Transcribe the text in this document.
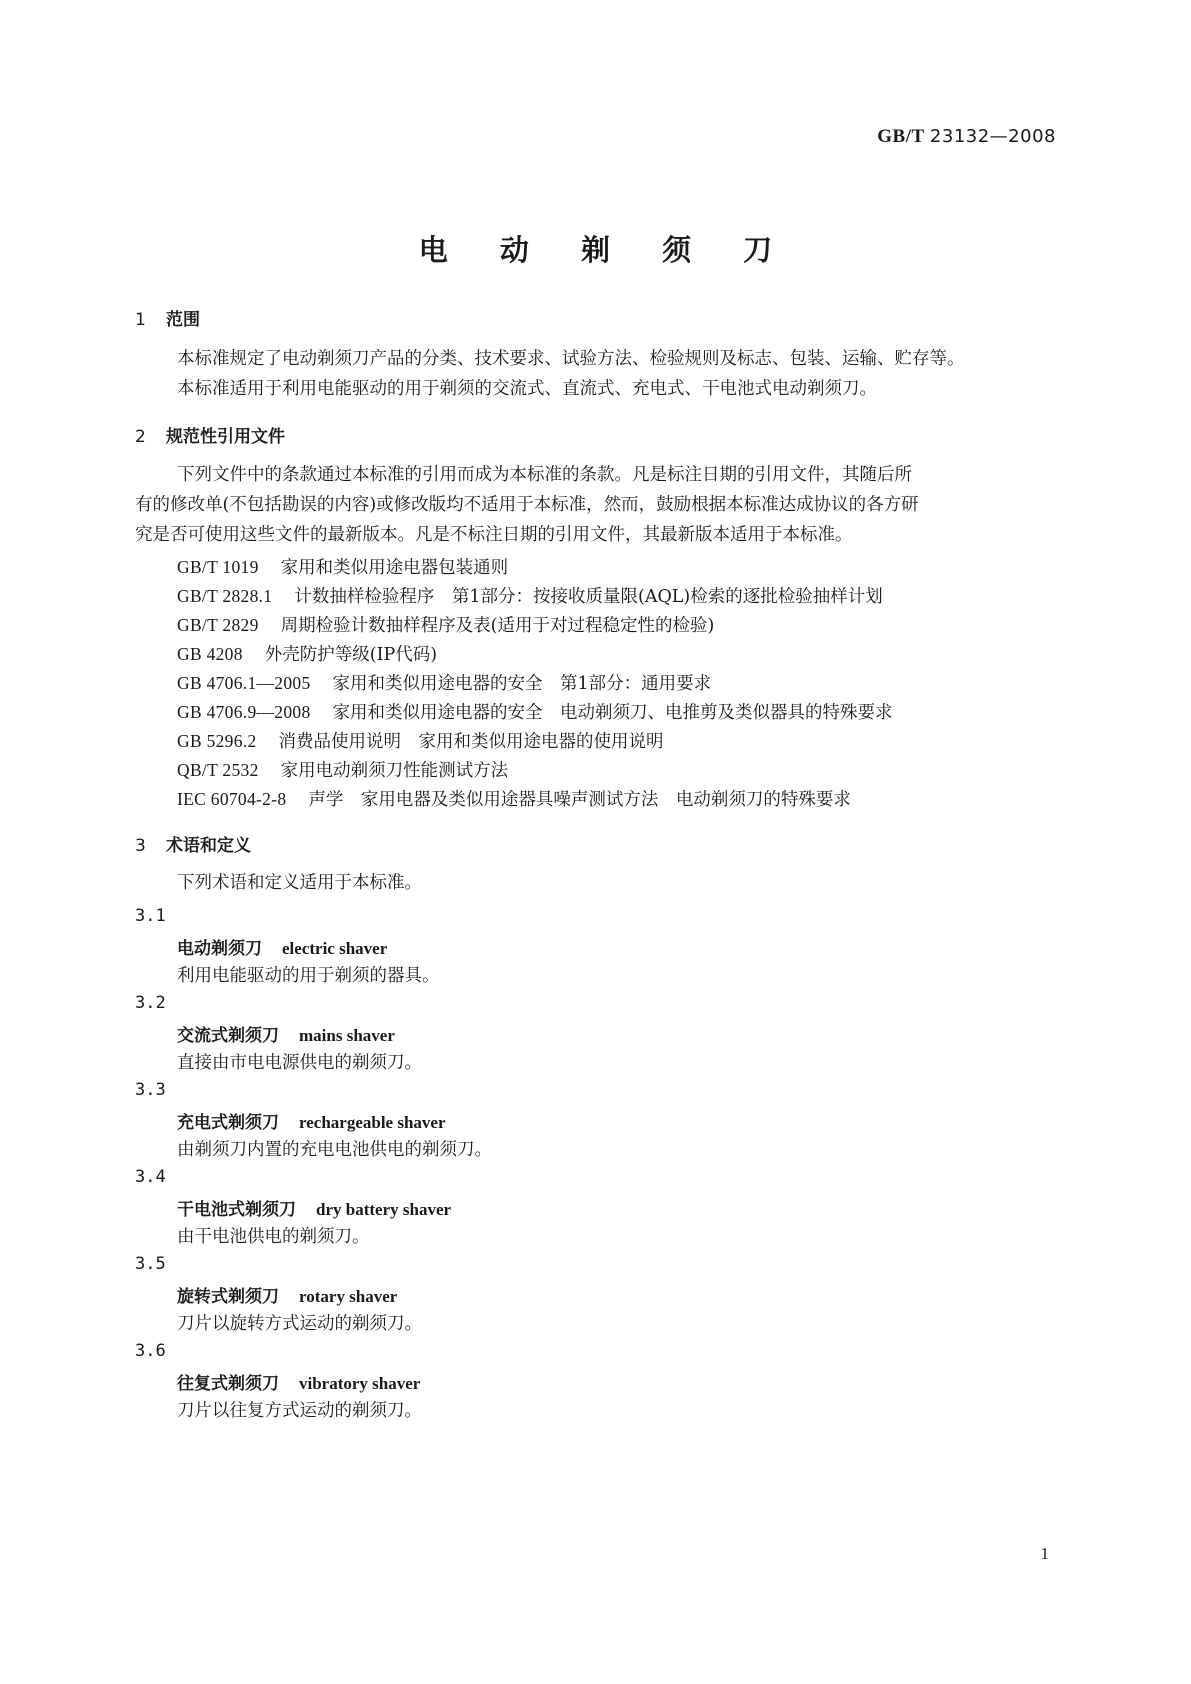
GB/T 23132—2008
电 动 剃 须 刀
1 范围
本标准规定了电动剃须刀产品的分类、技术要求、试验方法、检验规则及标志、包装、运输、贮存等。
本标准适用于利用电能驱动的用于剃须的交流式、直流式、充电式、干电池式电动剃须刀。
2 规范性引用文件
下列文件中的条款通过本标准的引用而成为本标准的条款。凡是标注日期的引用文件，其随后所
有的修改单(不包括勘误的内容)或修改版均不适用于本标准，然而，鼓励根据本标准达成协议的各方研
究是否可使用这些文件的最新版本。凡是不标注日期的引用文件，其最新版本适用于本标准。
GB/T 1019 家用和类似用途电器包装通则
GB/T 2828.1 计数抽样检验程序　第1部分：按接收质量限(AQL)检索的逐批检验抽样计划
GB/T 2829 周期检验计数抽样程序及表(适用于对过程稳定性的检验)
GB 4208 外壳防护等级(IP代码)
GB 4706.1—2005 家用和类似用途电器的安全　第1部分：通用要求
GB 4706.9—2008 家用和类似用途电器的安全　电动剃须刀、电推剪及类似器具的特殊要求
GB 5296.2 消费品使用说明　家用和类似用途电器的使用说明
QB/T 2532 家用电动剃须刀性能测试方法
IEC 60704-2-8 声学　家用电器及类似用途器具噪声测试方法　电动剃须刀的特殊要求
3 术语和定义
下列术语和定义适用于本标准。
3.1
电动剃须刀 electric shaver
利用电能驱动的用于剃须的器具。
3.2
交流式剃须刀 mains shaver
直接由市电电源供电的剃须刀。
3.3
充电式剃须刀 rechargeable shaver
由剃须刀内置的充电电池供电的剃须刀。
3.4
干电池式剃须刀 dry battery shaver
由干电池供电的剃须刀。
3.5
旋转式剃须刀 rotary shaver
刀片以旋转方式运动的剃须刀。
3.6
往复式剃须刀 vibratory shaver
刀片以往复方式运动的剃须刀。
1
